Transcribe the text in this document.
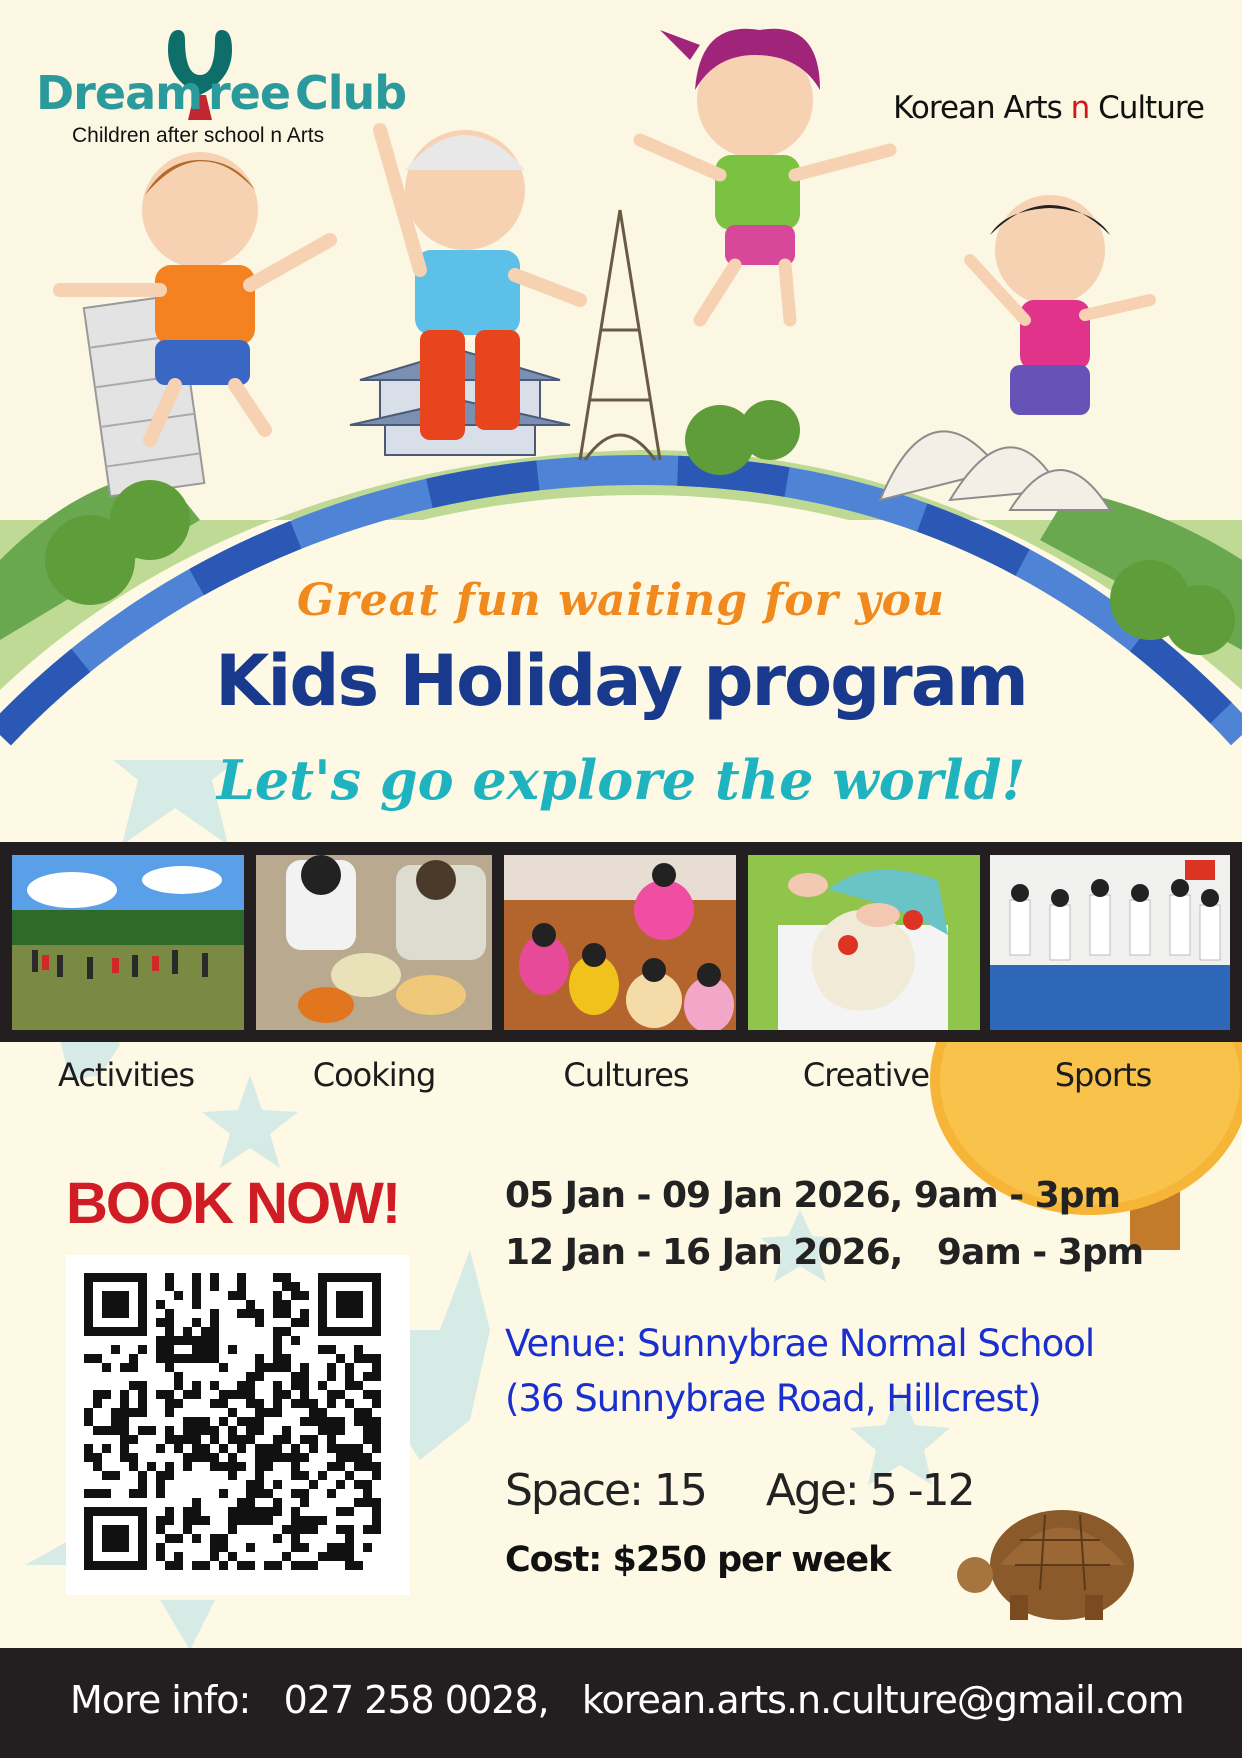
Dream ree Club
Children after school n Arts
Korean Arts n Culture
Great fun waiting for you
Kids Holiday program
Let's go explore the world!
Activities	Cooking	Cultures	Creative	Sports
BOOK NOW!	05 Jan - 09 Jan 2026, 9am - 3pm
12 Jan - 16 Jan 2026,   9am - 3pm
Venue: Sunnybrae Normal School
(36 Sunnybrae Road, Hillcrest)
Space: 15     Age: 5 -12
Cost: $250 per week
More info:   027 258 0028,   korean.arts.n.culture@gmail.com
